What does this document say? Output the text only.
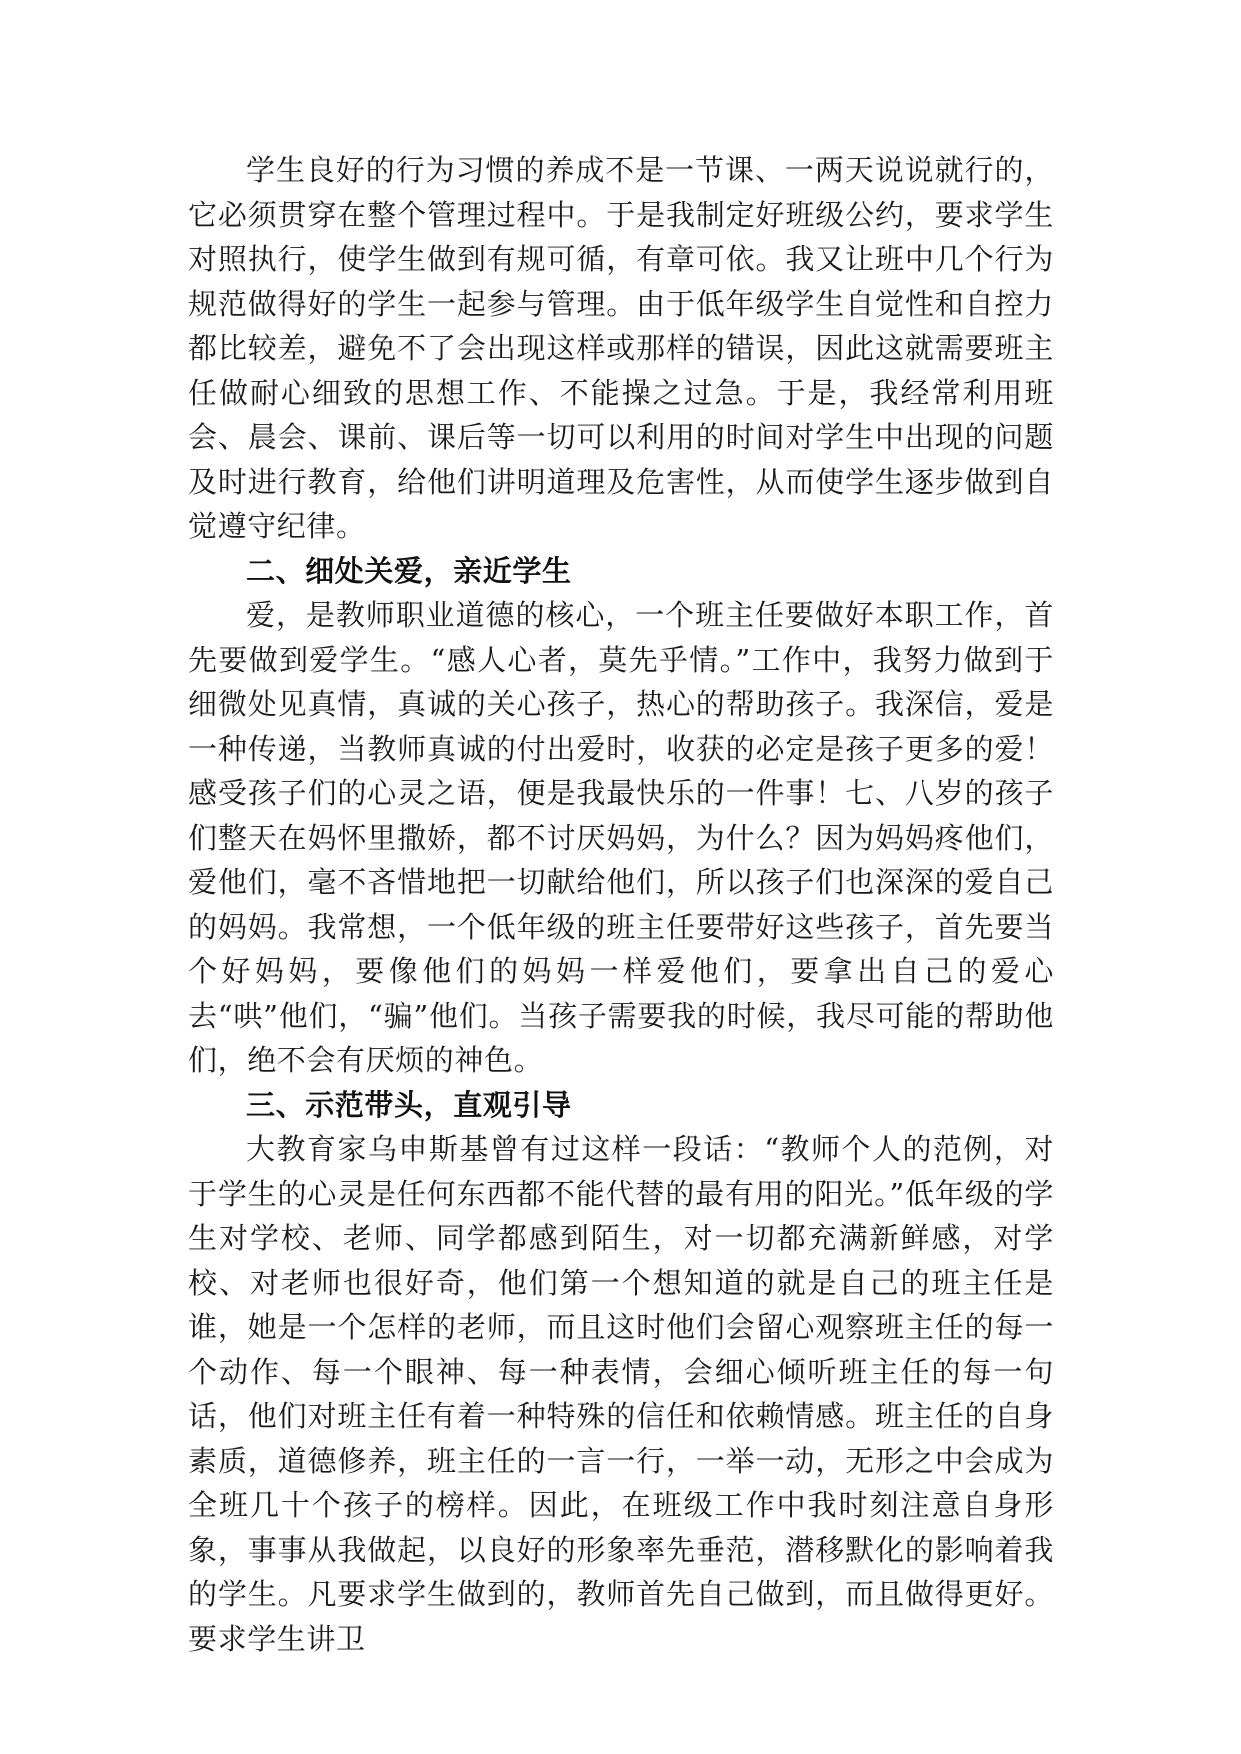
学生良好的行为习惯的养成不是一节课、一两天说说就行的，它必须贯穿在整个管理过程中。于是我制定好班级公约，要求学生对照执行，使学生做到有规可循，有章可依。我又让班中几个行为规范做得好的学生一起参与管理。由于低年级学生自觉性和自控力都比较差，避免不了会出现这样或那样的错误，因此这就需要班主任做耐心细致的思想工作、不能操之过急。于是，我经常利用班会、晨会、课前、课后等一切可以利用的时间对学生中出现的问题及时进行教育，给他们讲明道理及危害性，从而使学生逐步做到自觉遵守纪律。

二、细处关爱，亲近学生

爱，是教师职业道德的核心，一个班主任要做好本职工作，首先要做到爱学生。“感人心者，莫先乎情。”工作中，我努力做到于细微处见真情，真诚的关心孩子，热心的帮助孩子。我深信，爱是一种传递，当教师真诚的付出爱时，收获的必定是孩子更多的爱！感受孩子们的心灵之语，便是我最快乐的一件事！七、八岁的孩子们整天在妈怀里撒娇，都不讨厌妈妈，为什么？因为妈妈疼他们，爱他们，毫不吝惜地把一切献给他们，所以孩子们也深深的爱自己的妈妈。我常想，一个低年级的班主任要带好这些孩子，首先要当个好妈妈，要像他们的妈妈一样爱他们，要拿出自己的爱心去“哄”他们，“骗”他们。当孩子需要我的时候，我尽可能的帮助他们，绝不会有厌烦的神色。

三、示范带头，直观引导

大教育家乌申斯基曾有过这样一段话：“教师个人的范例，对于学生的心灵是任何东西都不能代替的最有用的阳光。”低年级的学生对学校、老师、同学都感到陌生，对一切都充满新鲜感，对学校、对老师也很好奇，他们第一个想知道的就是自己的班主任是谁，她是一个怎样的老师，而且这时他们会留心观察班主任的每一个动作、每一个眼神、每一种表情，会细心倾听班主任的每一句话，他们对班主任有着一种特殊的信任和依赖情感。班主任的自身素质，道德修养，班主任的一言一行，一举一动，无形之中会成为全班几十个孩子的榜样。因此，在班级工作中我时刻注意自身形象，事事从我做起，以良好的形象率先垂范，潜移默化的影响着我的学生。凡要求学生做到的，教师首先自己做到，而且做得更好。要求学生讲卫
